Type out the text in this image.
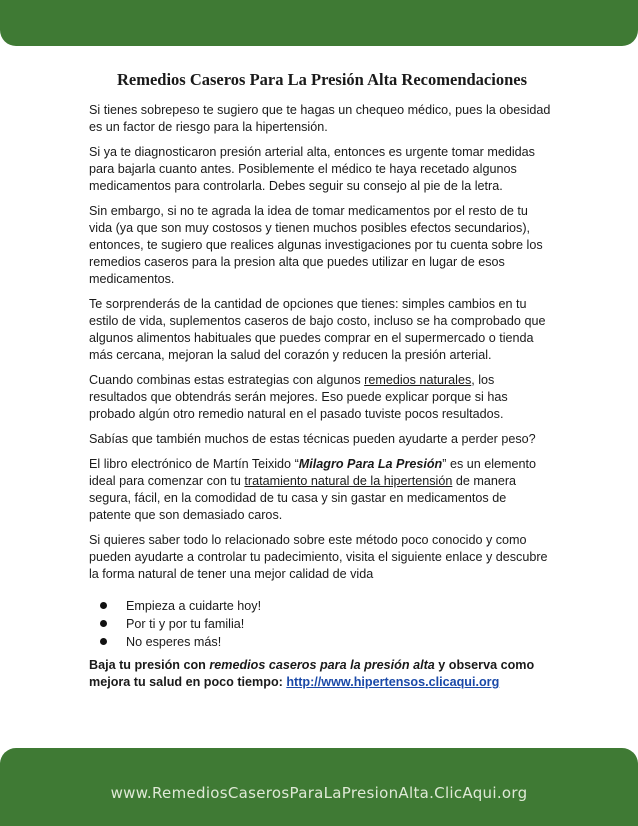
Remedios Caseros Para La Presión Alta Recomendaciones

Si tienes sobrepeso te sugiero que te hagas un chequeo médico, pues la obesidad es un factor de riesgo para la hipertensión.

Si ya te diagnosticaron presión arterial alta, entonces es urgente tomar medidas para bajarla cuanto antes. Posiblemente el médico te haya recetado algunos medicamentos para controlarla. Debes seguir su consejo al pie de la letra.

Sin embargo, si no te agrada la idea de tomar medicamentos por el resto de tu vida (ya que son muy costosos y tienen muchos posibles efectos secundarios), entonces, te sugiero que realices algunas investigaciones por tu cuenta sobre los remedios caseros para la presion alta que puedes utilizar en lugar de esos medicamentos.

Te sorprenderás de la cantidad de opciones que tienes: simples cambios en tu estilo de vida, suplementos caseros de bajo costo, incluso se ha comprobado que algunos alimentos habituales que puedes comprar en el supermercado o tienda más cercana, mejoran la salud del corazón y reducen la presión arterial.

Cuando combinas estas estrategias con algunos remedios naturales, los resultados que obtendrás serán mejores. Eso puede explicar porque si has probado algún otro remedio natural en el pasado tuviste pocos resultados.

Sabías que también muchos de estas técnicas pueden ayudarte a perder peso?

El libro electrónico de Martín Teixido “Milagro Para La Presión” es un elemento ideal para comenzar con tu tratamiento natural de la hipertensión de manera segura, fácil, en la comodidad de tu casa y sin gastar en medicamentos de patente que son demasiado caros.

Si quieres saber todo lo relacionado sobre este método poco conocido y como pueden ayudarte a controlar tu padecimiento, visita el siguiente enlace y descubre la forma natural de tener una mejor calidad de vida

Empieza a cuidarte hoy!
Por ti y por tu familia!
No esperes más!

Baja tu presión con remedios caseros para la presión alta y observa como mejora tu salud en poco tiempo: http://www.hipertensos.clicaqui.org

www.RemediosCaserosParaLaPresionAlta.ClicAqui.org
